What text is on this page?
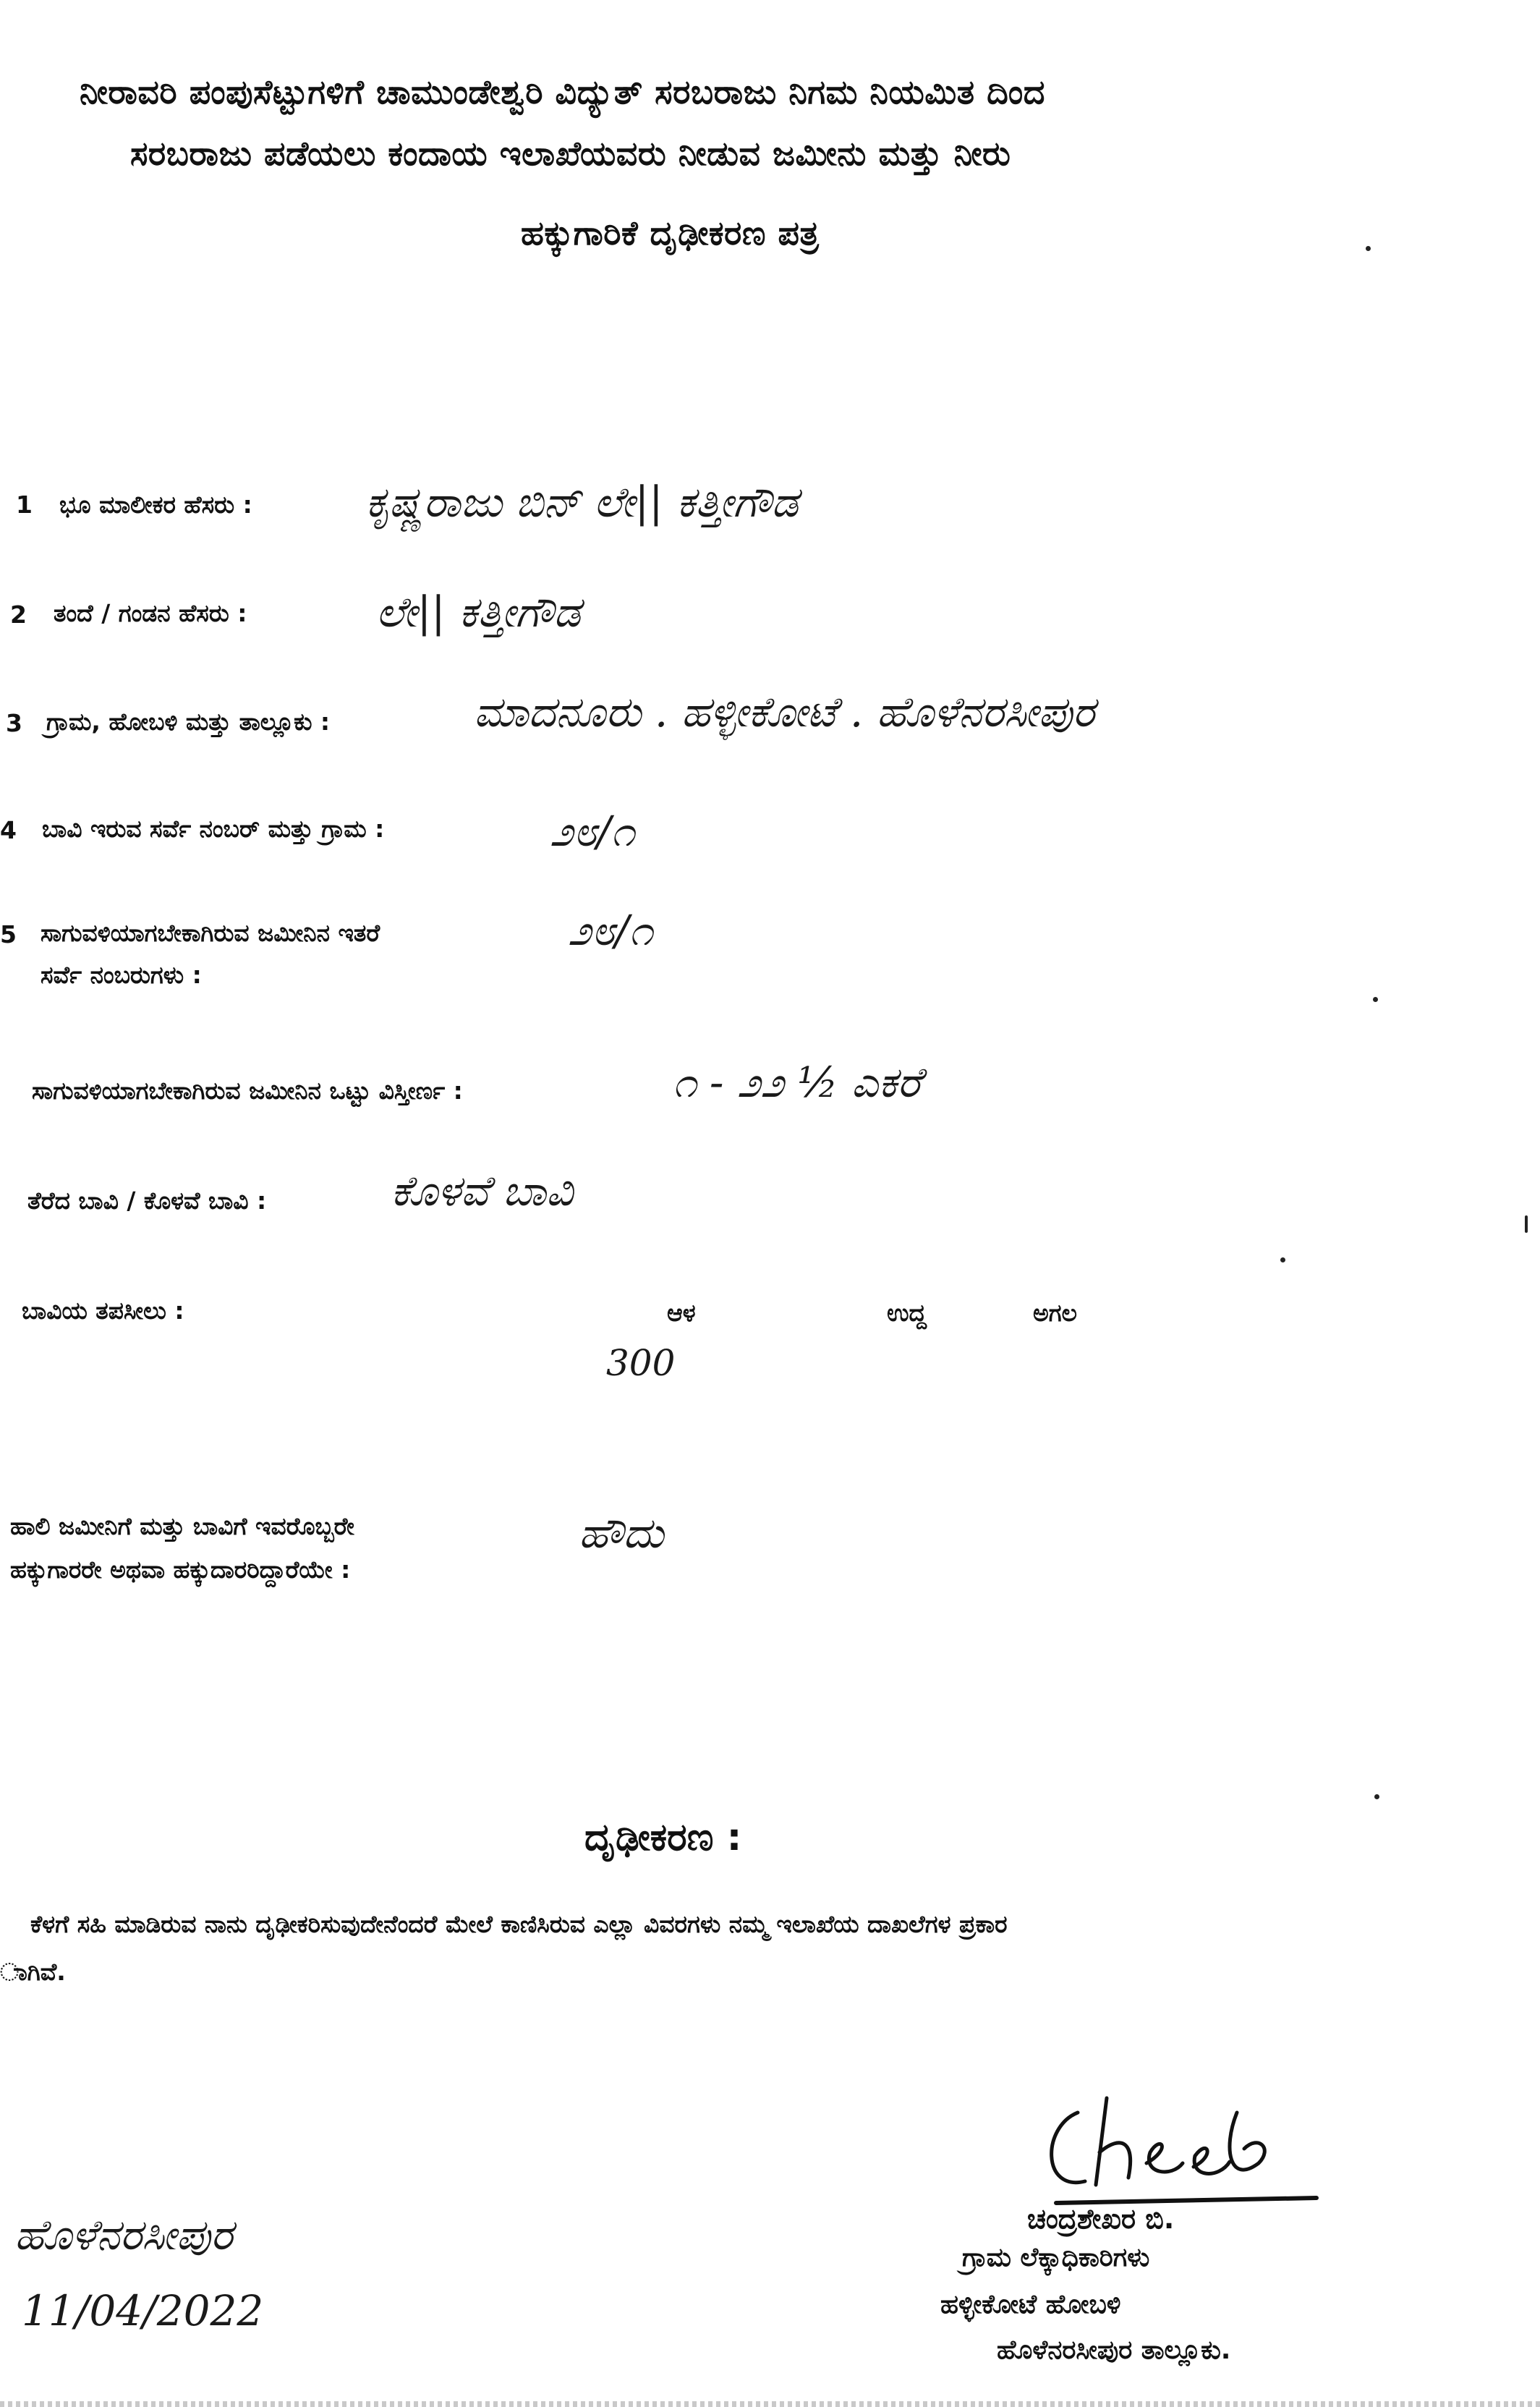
ನೀರಾವರಿ ಪಂಪುಸೆಟ್ಟುಗಳಿಗೆ ಚಾಮುಂಡೇಶ್ವರಿ ವಿದ್ಯುತ್ ಸರಬರಾಜು ನಿಗಮ ನಿಯಮಿತ ದಿಂದ
ಸರಬರಾಜು ಪಡೆಯಲು ಕಂದಾಯ ಇಲಾಖೆಯವರು ನೀಡುವ ಜಮೀನು ಮತ್ತು ನೀರು
ಹಕ್ಕುಗಾರಿಕೆ ದೃಢೀಕರಣ ಪತ್ರ
1 ಭೂ ಮಾಲೀಕರ ಹೆಸರು :	ಕೃಷ್ಣರಾಜು ಬಿನ್ ಲೇ|| ಕತ್ತೀಗೌಡ
2 ತಂದೆ / ಗಂಡನ ಹೆಸರು :	ಲೇ|| ಕತ್ತೀಗೌಡ
3 ಗ್ರಾಮ, ಹೋಬಳಿ ಮತ್ತು ತಾಲ್ಲೂಕು :	ಮಾದನೂರು . ಹಳ್ಳೀಕೋಟೆ . ಹೊಳೆನರಸೀಪುರ
4 ಬಾವಿ ಇರುವ ಸರ್ವೆ ನಂಬರ್ ಮತ್ತು ಗ್ರಾಮ :	೨೮/೧
5 ಸಾಗುವಳಿಯಾಗಬೇಕಾಗಿರುವ ಜಮೀನಿನ ಇತರೆ
ಸರ್ವೆ ನಂಬರುಗಳು :
೨೮/೧
ಸಾಗುವಳಿಯಾಗಬೇಕಾಗಿರುವ ಜಮೀನಿನ ಒಟ್ಟು ವಿಸ್ತೀರ್ಣ :	೧ - ೨೨ ½ ಎಕರೆ
ತೆರೆದ ಬಾವಿ / ಕೊಳವೆ ಬಾವಿ :	ಕೊಳವೆ ಬಾವಿ
ಬಾವಿಯ ತಪಸೀಲು :	ಆಳ	ಉದ್ದ	ಅಗಲ
300
ಹಾಲಿ ಜಮೀನಿಗೆ ಮತ್ತು ಬಾವಿಗೆ ಇವರೊಬ್ಬರೇ
ಹಕ್ಕುಗಾರರೇ ಅಥವಾ ಹಕ್ಕುದಾರರಿದ್ದಾರೆಯೇ :
ಹೌದು
ದೃಢೀಕರಣ :
ಕೆಳಗೆ ಸಹಿ ಮಾಡಿರುವ ನಾನು ದೃಢೀಕರಿಸುವುದೇನೆಂದರೆ ಮೇಲೆ ಕಾಣಿಸಿರುವ ಎಲ್ಲಾ ವಿವರಗಳು ನಮ್ಮ ಇಲಾಖೆಯ ದಾಖಲೆಗಳ ಪ್ರಕಾರ
ಾಗಿವೆ.
ಹೊಳೆನರಸೀಪುರ
11/04/2022
ಚಂದ್ರಶೇಖರ ಬಿ.
ಗ್ರಾಮ ಲೆಕ್ಕಾಧಿಕಾರಿಗಳು
ಹಳ್ಳೀಕೋಟೆ ಹೋಬಳಿ
ಹೊಳೆನರಸೀಪುರ ತಾಲ್ಲೂಕು.
